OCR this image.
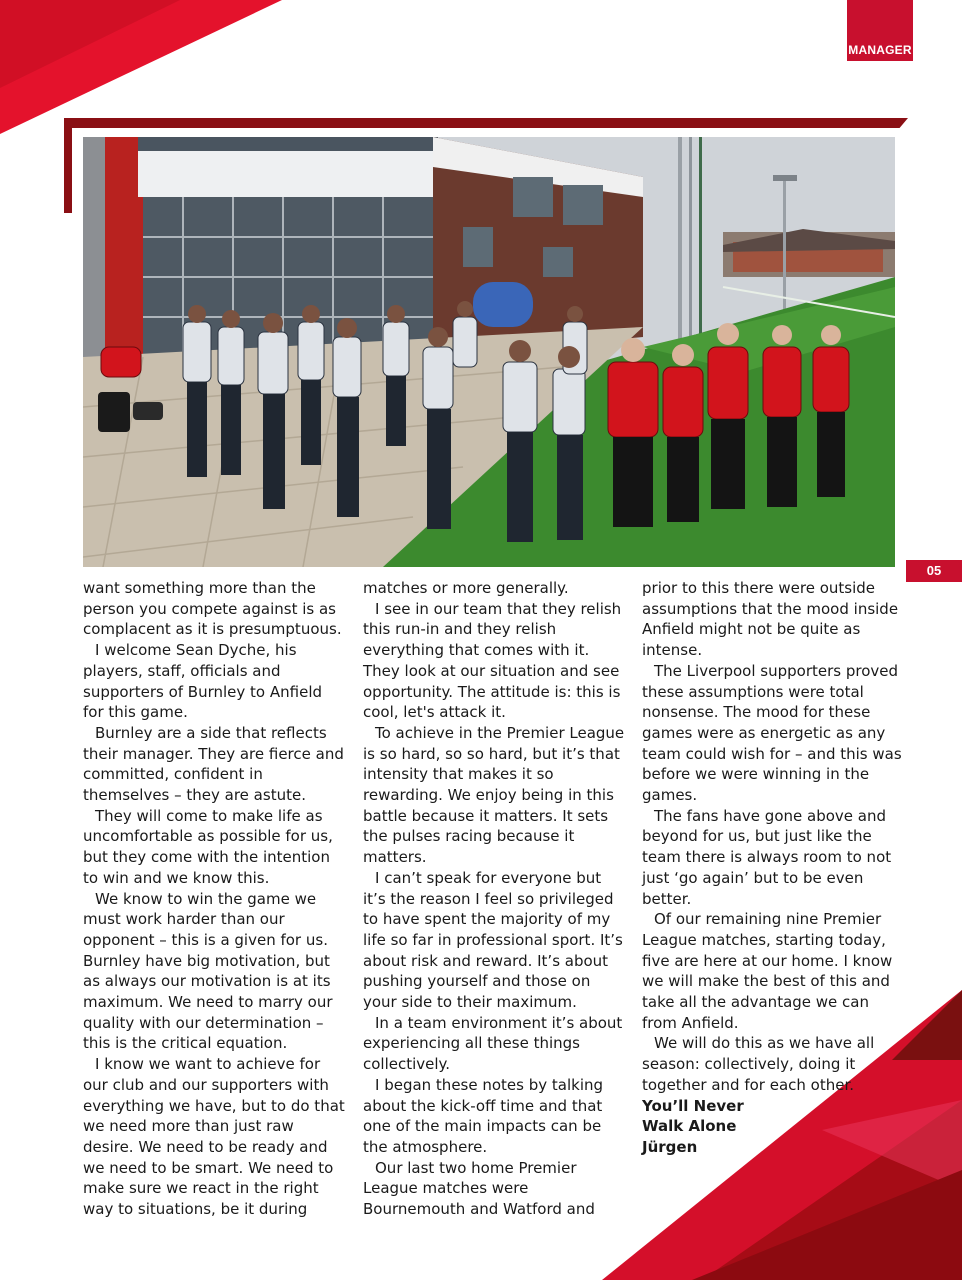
MANAGER
05

want something more than the person you compete against is as complacent as it is presumptuous.

I welcome Sean Dyche, his players, staff, officials and supporters of Burnley to Anfield for this game.

Burnley are a side that reflects their manager. They are fierce and committed, confident in themselves – they are astute.

They will come to make life as uncomfortable as possible for us, but they come with the intention to win and we know this.

We know to win the game we must work harder than our opponent – this is a given for us. Burnley have big motivation, but as always our motivation is at its maximum. We need to marry our quality with our determination – this is the critical equation.

I know we want to achieve for our club and our supporters with everything we have, but to do that we need more than just raw desire. We need to be ready and we need to be smart. We need to make sure we react in the right way to situations, be it during

matches or more generally.

I see in our team that they relish this run-in and they relish everything that comes with it. They look at our situation and see opportunity. The attitude is: this is cool, let's attack it.

To achieve in the Premier League is so hard, so so hard, but it’s that intensity that makes it so rewarding. We enjoy being in this battle because it matters. It sets the pulses racing because it matters.

I can’t speak for everyone but it’s the reason I feel so privileged to have spent the majority of my life so far in professional sport. It’s about risk and reward. It’s about pushing yourself and those on your side to their maximum.

In a team environment it’s about experiencing all these things collectively.

I began these notes by talking about the kick-off time and that one of the main impacts can be the atmosphere.

Our last two home Premier League matches were Bournemouth and Watford and

prior to this there were outside assumptions that the mood inside Anfield might not be quite as intense.

The Liverpool supporters proved these assumptions were total nonsense. The mood for these games were as energetic as any team could wish for – and this was before we were winning in the games.

The fans have gone above and beyond for us, but just like the team there is always room to not just ‘go again’ but to be even better.

Of our remaining nine Premier League matches, starting today, five are here at our home. I know we will make the best of this and take all the advantage we can from Anfield.

We will do this as we have all season: collectively, doing it together and for each other.

You’ll Never

Walk Alone

Jürgen
